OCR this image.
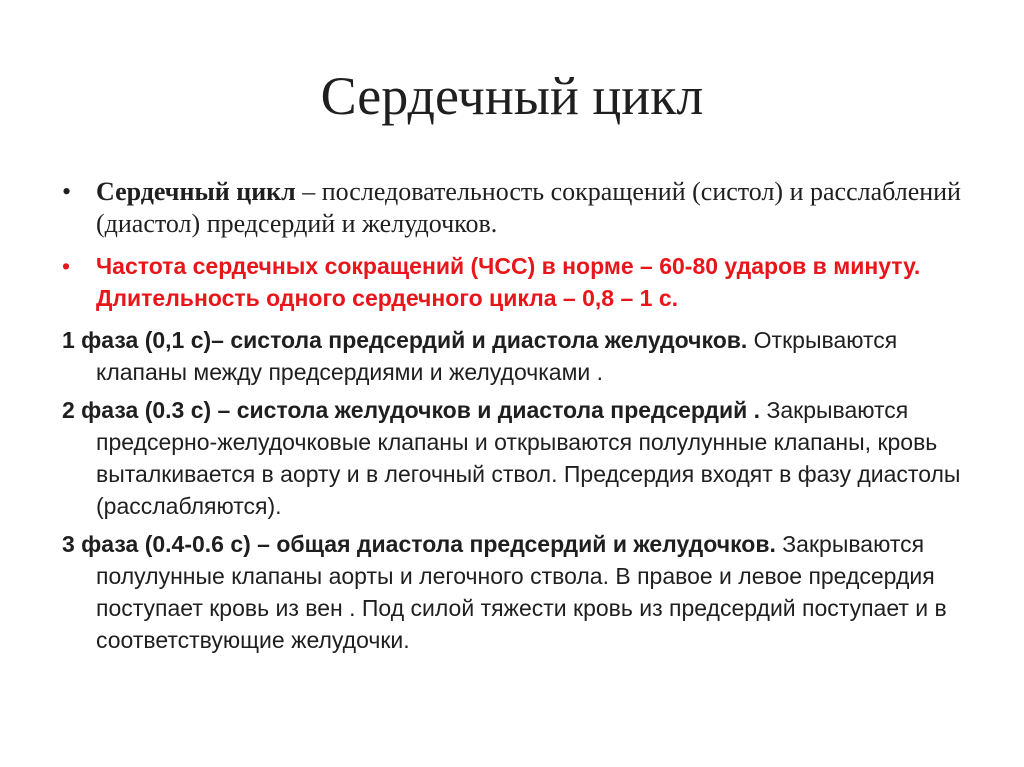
Сердечный цикл
• Сердечный цикл – последовательность сокращений (систол) и расслаблений (диастол) предсердий и желудочков.
•	Частота сердечных сокращений (ЧСС) в норме – 60-80 ударов в минуту. Длительность одного сердечного цикла – 0,8 – 1 с.
1 фаза (0,1 с)– систола предсердий и диастола желудочков. Открываются клапаны между предсердиями и желудочками .
2 фаза (0.3 с) – систола желудочков и диастола предсердий . Закрываются предсерно-желудочковые клапаны и открываются полулунные клапаны, кровь выталкивается в аорту и в легочный ствол. Предсердия входят в фазу диастолы (расслабляются).
3 фаза (0.4-0.6 с) – общая диастола предсердий и желудочков. Закрываются полулунные клапаны аорты и легочного ствола. В правое и левое предсердия поступает кровь из вен . Под силой тяжести кровь из предсердий поступает и в соответствующие желудочки.
